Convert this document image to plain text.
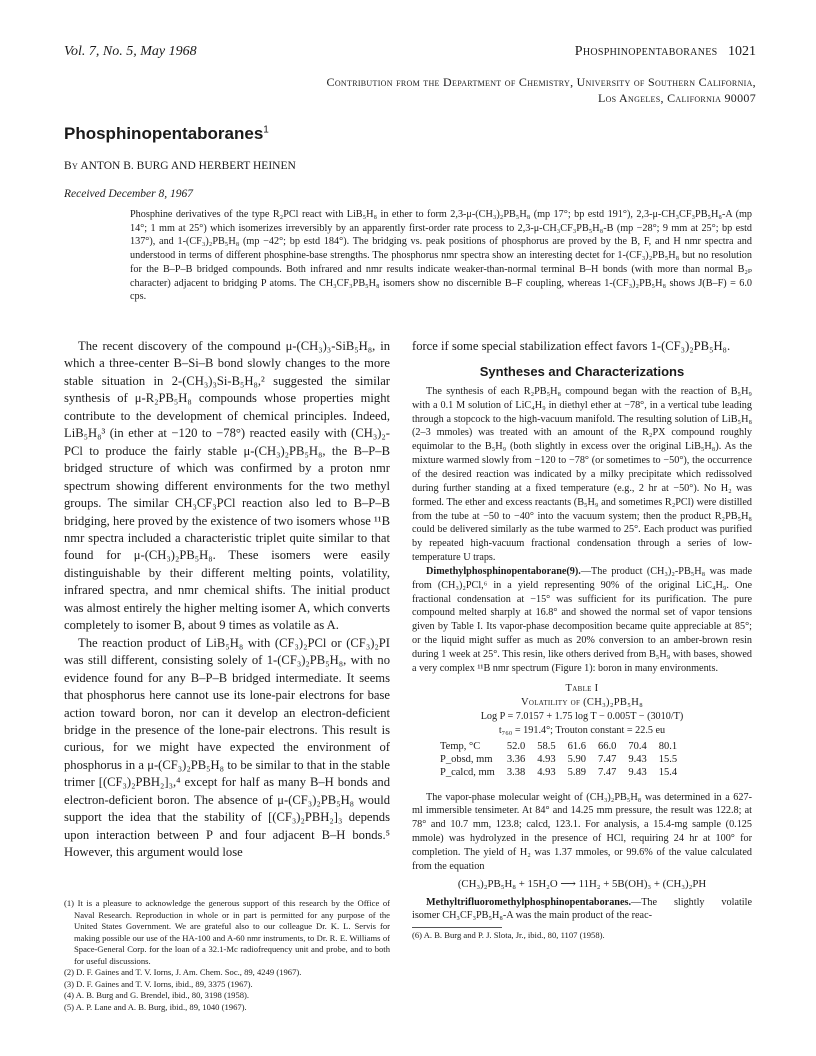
Vol. 7, No. 5, May 1968	Phosphinopentaboranes 1021
Contribution from the Department of Chemistry, University of Southern California,
Los Angeles, California 90007
Phosphinopentaboranes$^1$
By ANTON B. BURG AND HERBERT HEINEN
Received December 8, 1967
Phosphine derivatives of the type R₂PCl react with LiB₅H₈ in ether to form 2,3-μ-(CH₃)₂PB₅H₈ (mp 17°; bp estd 191°), 2,3-μ-CH₃CF₃PB₅H₈-A (mp 14°; 1 mm at 25°) which isomerizes irreversibly by an apparently first-order rate process to 2,3-μ-CH₃CF₃PB₅H₈-B (mp −28°; 9 mm at 25°; bp estd 137°), and 1-(CF₃)₂PB₅H₈ (mp −42°; bp estd 184°). The bridging vs. peak positions of phosphorus are proved by the B, F, and H nmr spectra and understood in terms of different phosphine-base strengths. The phosphorus nmr spectra show an interesting dectet for 1-(CF₃)₂PB₅H₈ but no resolution for the B–P–B bridged compounds. Both infrared and nmr results indicate weaker-than-normal terminal B–H bonds (with more than normal B₂ₚ character) adjacent to bridging P atoms. The CH₃CF₃PB₅H₈ isomers show no discernible B–F coupling, whereas 1-(CF₃)₂PB₅H₈ shows J(B–F) = 6.0 cps.

The recent discovery of the compound μ-(CH₃)₃-SiB₅H₈, in which a three-center B–Si–B bond slowly changes to the more stable situation in 2-(CH₃)₃Si-B₅H₈,² suggested the similar synthesis of μ-R₂PB₅H₈ compounds whose properties might contribute to the development of chemical principles. Indeed, LiB₅H₈³ (in ether at −120 to −78°) reacted easily with (CH₃)₂-PCl to produce the fairly stable μ-(CH₃)₂PB₅H₈, the B–P–B bridged structure of which was confirmed by a proton nmr spectrum showing different environments for the two methyl groups. The similar CH₃CF₃PCl reaction also led to B–P–B bridging, here proved by the existence of two isomers whose ¹¹B nmr spectra included a characteristic triplet quite similar to that found for μ-(CH₃)₂PB₅H₈. These isomers were easily distinguishable by their different melting points, volatility, infrared spectra, and nmr chemical shifts. The initial product was almost entirely the higher melting isomer A, which converts completely to isomer B, about 9 times as volatile as A.

The reaction product of LiB₅H₈ with (CF₃)₂PCl or (CF₃)₂PI was still different, consisting solely of 1-(CF₃)₂PB₅H₈, with no evidence found for any B–P–B bridged intermediate. It seems that phosphorus here cannot use its lone-pair electrons for base action toward boron, nor can it develop an electron-deficient bridge in the presence of the lone-pair electrons. This result is curious, for we might have expected the environment of phosphorus in a μ-(CF₃)₂PB₅H₈ to be similar to that in the stable trimer [(CF₃)₂PBH₂]₃,⁴ except for half as many B–H bonds and electron-deficient boron. The absence of μ-(CF₃)₂PB₅H₈ would support the idea that the stability of [(CF₃)₂PBH₂]₃ depends upon interaction between P and four adjacent B–H bonds.⁵ However, this argument would lose

(1) It is a pleasure to acknowledge the generous support of this research by the Office of Naval Research. Reproduction in whole or in part is permitted for any purpose of the United States Government. We are grateful also to our colleague Dr. K. L. Servis for making possible our use of the HA-100 and A-60 nmr instruments, to Dr. R. E. Williams of Space-General Corp. for the loan of a 32.1-Mc radiofrequency unit and probe, and to both for useful discussions.

(2) D. F. Gaines and T. V. Iorns, J. Am. Chem. Soc., 89, 4249 (1967).

(3) D. F. Gaines and T. V. Iorns, ibid., 89, 3375 (1967).

(4) A. B. Burg and G. Brendel, ibid., 80, 3198 (1958).

(5) A. P. Lane and A. B. Burg, ibid., 89, 1040 (1967).

force if some special stabilization effect favors 1-(CF₃)₂PB₅H₈.

Syntheses and Characterizations

The synthesis of each R₂PB₅H₈ compound began with the reaction of B₅H₉ with a 0.1 M solution of LiC₄H₉ in diethyl ether at −78°, in a vertical tube leading through a stopcock to the high-vacuum manifold. The resulting solution of LiB₅H₈ (2–3 mmoles) was treated with an amount of the R₂PX compound roughly equimolar to the B₅H₉ (both slightly in excess over the original LiB₅H₈). As the mixture warmed slowly from −120 to −78° (or sometimes to −50°), the occurrence of the desired reaction was indicated by a milky precipitate which redissolved during further standing at a fixed temperature (e.g., 2 hr at −50°). No H₂ was formed. The ether and excess reactants (B₅H₉ and sometimes R₂PCl) were distilled from the tube at −50 to −40° into the vacuum system; then the product R₂PB₅H₈ could be delivered similarly as the tube warmed to 25°. Each product was purified by repeated high-vacuum fractional condensation through a series of low-temperature U traps.

Dimethylphosphinopentaborane(9).—The product (CH₃)₂-PB₅H₈ was made from (CH₃)₂PCl,⁶ in a yield representing 90% of the original LiC₄H₉. One fractional condensation at −15° was sufficient for its purification. The pure compound melted sharply at 16.8° and showed the normal set of vapor tensions given by Table I. Its vapor-phase decomposition became quite appreciable at 85°; or the liquid might suffer as much as 20% conversion to an amber-brown resin during 1 week at 25°. This resin, like others derived from B₅H₉ with bases, showed a very complex ¹¹B nmr spectrum (Figure 1): boron in many environments.

Table I
Volatility of (CH₃)₂PB₅H₈
Log P = 7.0157 + 1.75 log T − 0.005T − (3010/T)
t₇₆₀ = 191.4°; Trouton constant = 22.5 eu
Temp, °C	52.0	58.5	61.6	66.0	70.4	80.1
P_obsd, mm	3.36	4.93	5.90	7.47	9.43	15.5
P_calcd, mm	3.38	4.93	5.89	7.47	9.43	15.4

The vapor-phase molecular weight of (CH₃)₂PB₅H₈ was determined in a 627-ml immersible tensimeter. At 84° and 14.25 mm pressure, the result was 122.8; at 78° and 10.7 mm, 123.8; calcd, 123.1. For analysis, a 15.4-mg sample (0.125 mmole) was hydrolyzed in the presence of HCl, requiring 24 hr at 100° for completion. The yield of H₂ was 1.37 mmoles, or 99.6% of the value calculated from the equation

(CH₃)₂PB₅H₈ + 15H₂O ⟶ 11H₂ + 5B(OH)₃ + (CH₃)₂PH

Methyltrifluoromethylphosphinopentaboranes.—The slightly volatile isomer CH₃CF₃PB₅H₈-A was the main product of the reac-

(6) A. B. Burg and P. J. Slota, Jr., ibid., 80, 1107 (1958).
